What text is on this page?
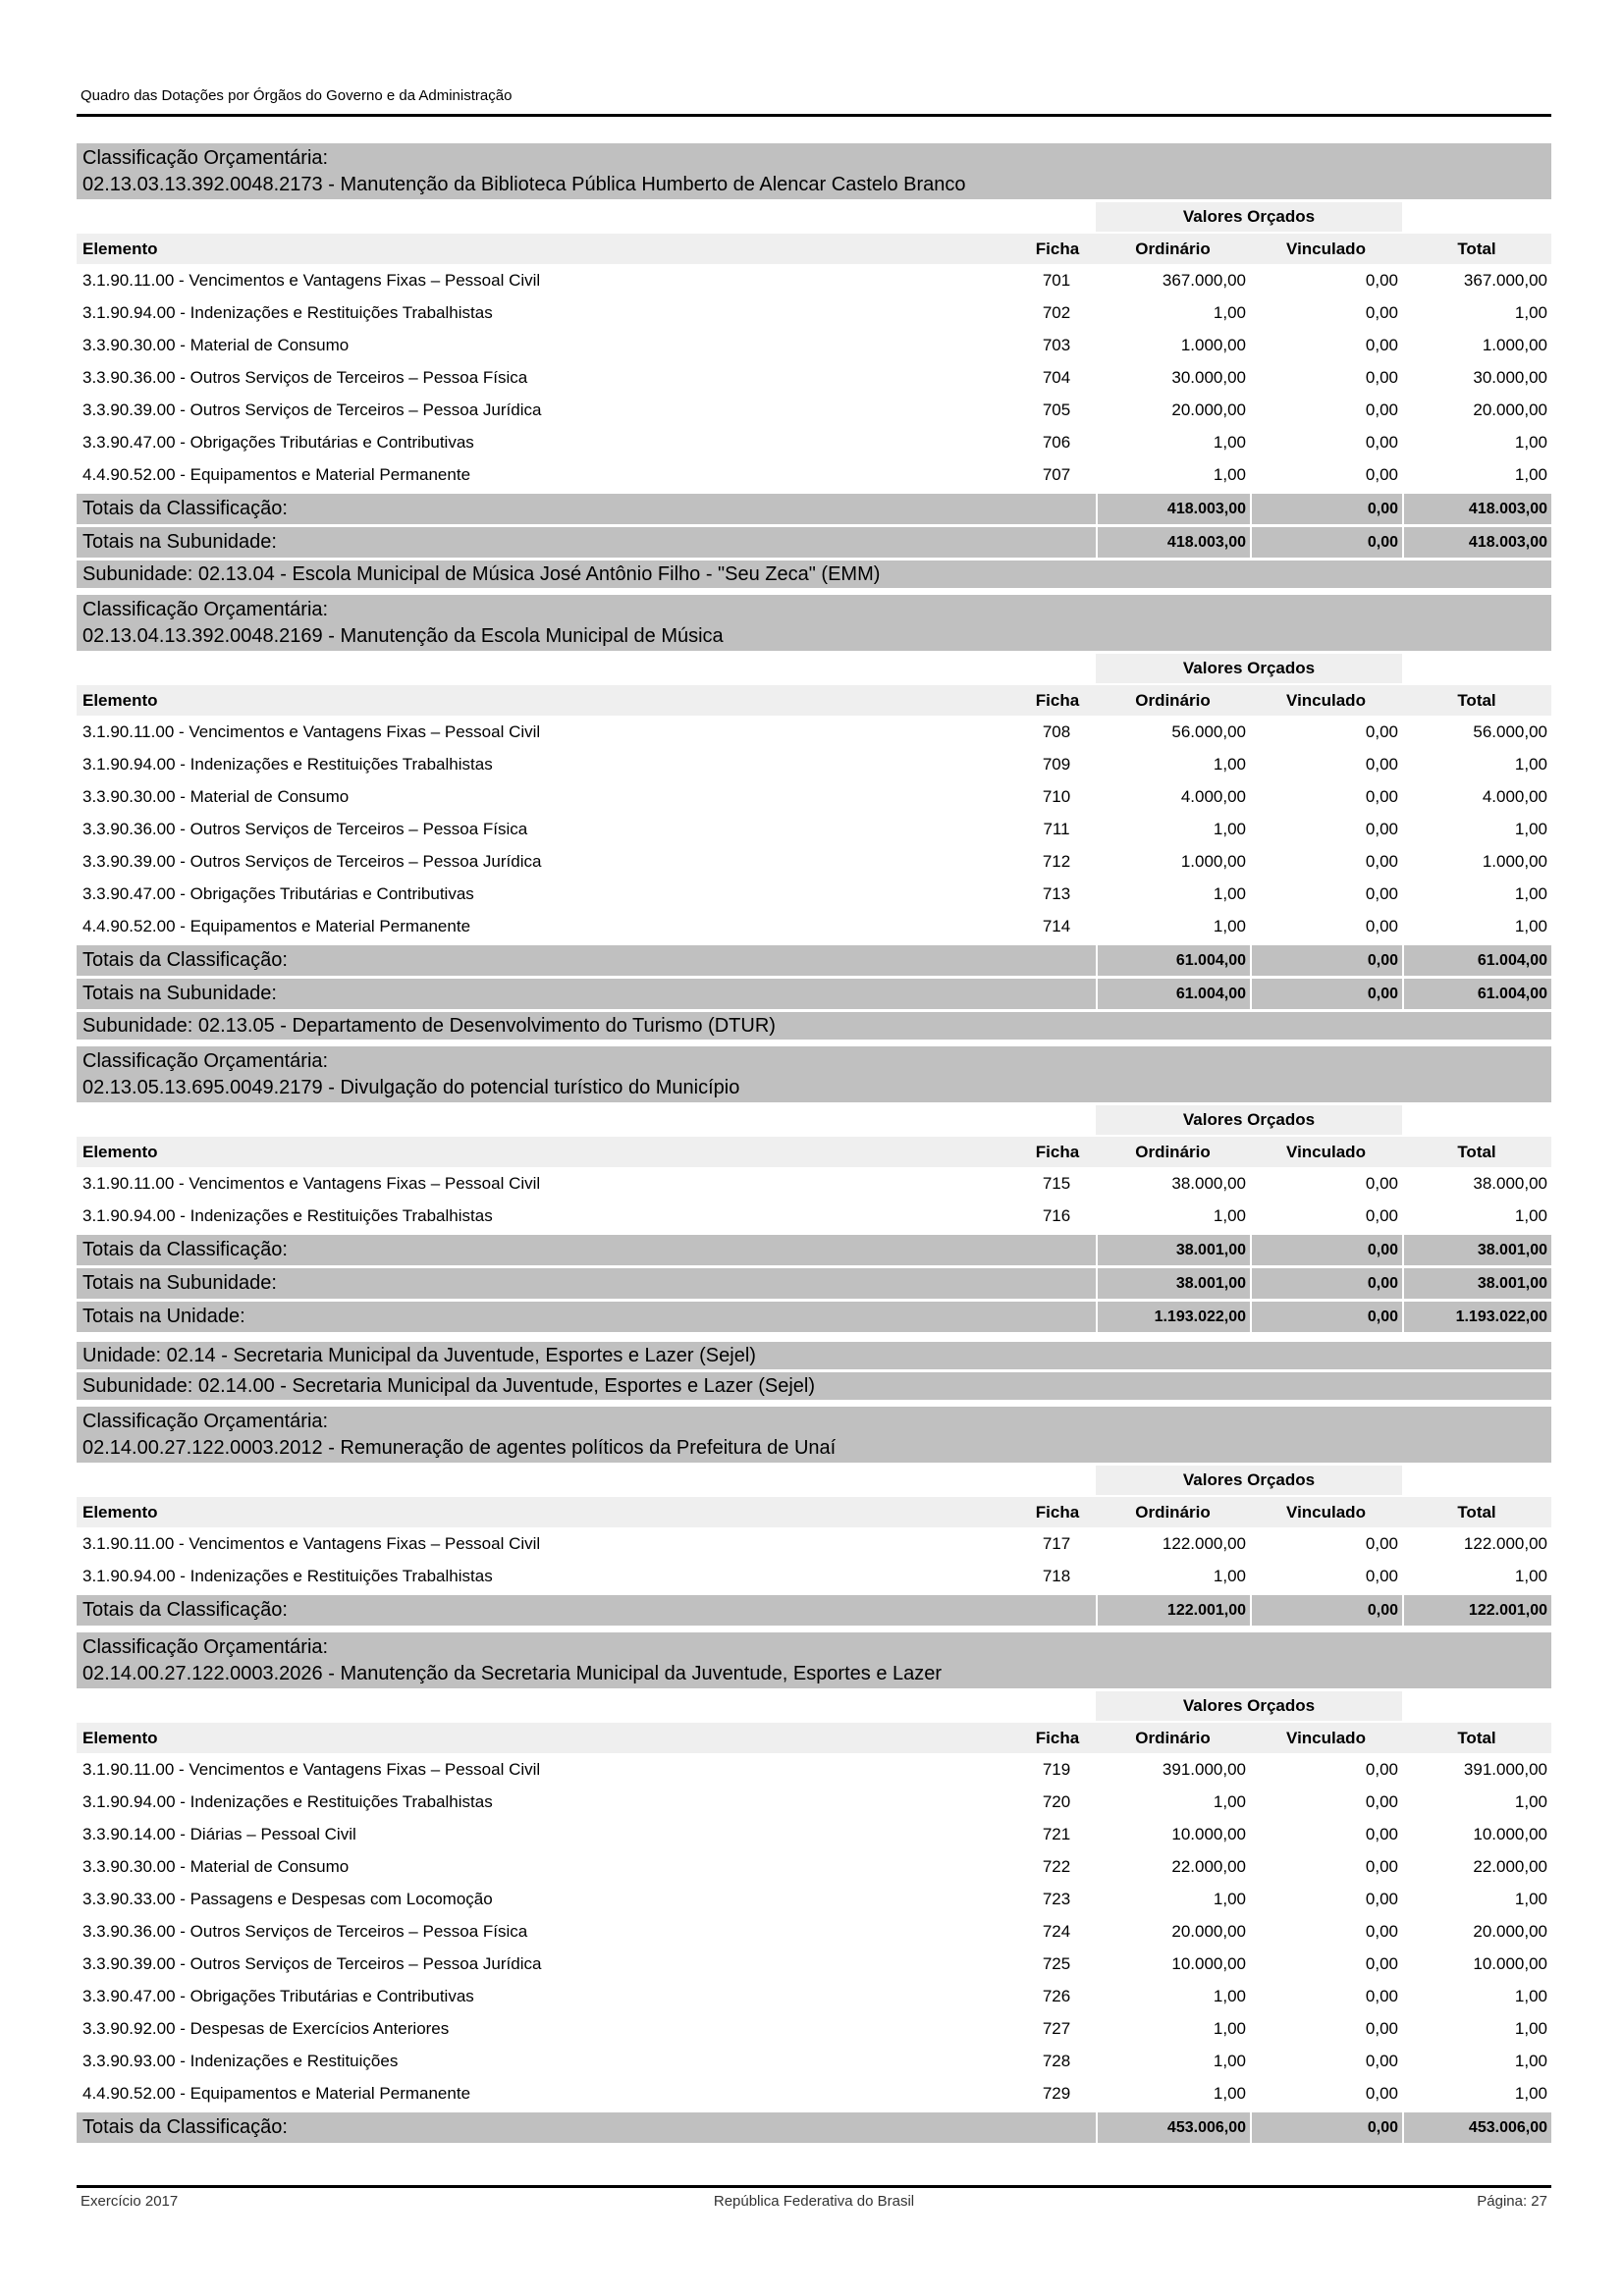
Quadro das Dotações por Órgãos do Governo e da Administração
Classificação Orçamentária:
02.13.03.13.392.0048.2173 - Manutenção da Biblioteca Pública Humberto de Alencar Castelo Branco
Valores Orçados
Elemento	Ficha	Ordinário	Vinculado	Total
3.1.90.11.00 - Vencimentos e Vantagens Fixas – Pessoal Civil	701	367.000,00	0,00	367.000,00
3.1.90.94.00 - Indenizações e Restituições Trabalhistas	702	1,00	0,00	1,00
3.3.90.30.00 - Material de Consumo	703	1.000,00	0,00	1.000,00
3.3.90.36.00 - Outros Serviços de Terceiros – Pessoa Física	704	30.000,00	0,00	30.000,00
3.3.90.39.00 - Outros Serviços de Terceiros – Pessoa Jurídica	705	20.000,00	0,00	20.000,00
3.3.90.47.00 - Obrigações Tributárias e Contributivas	706	1,00	0,00	1,00
4.4.90.52.00 - Equipamentos e Material Permanente	707	1,00	0,00	1,00
Totais da Classificação:	418.003,00	0,00	418.003,00
Totais na Subunidade:	418.003,00	0,00	418.003,00
Subunidade: 02.13.04 - Escola Municipal de Música José Antônio Filho - "Seu Zeca" (EMM)
Classificação Orçamentária:
02.13.04.13.392.0048.2169 - Manutenção da Escola Municipal de Música
Valores Orçados
Elemento	Ficha	Ordinário	Vinculado	Total
3.1.90.11.00 - Vencimentos e Vantagens Fixas – Pessoal Civil	708	56.000,00	0,00	56.000,00
3.1.90.94.00 - Indenizações e Restituições Trabalhistas	709	1,00	0,00	1,00
3.3.90.30.00 - Material de Consumo	710	4.000,00	0,00	4.000,00
3.3.90.36.00 - Outros Serviços de Terceiros – Pessoa Física	711	1,00	0,00	1,00
3.3.90.39.00 - Outros Serviços de Terceiros – Pessoa Jurídica	712	1.000,00	0,00	1.000,00
3.3.90.47.00 - Obrigações Tributárias e Contributivas	713	1,00	0,00	1,00
4.4.90.52.00 - Equipamentos e Material Permanente	714	1,00	0,00	1,00
Totais da Classificação:	61.004,00	0,00	61.004,00
Totais na Subunidade:	61.004,00	0,00	61.004,00
Subunidade: 02.13.05 - Departamento de Desenvolvimento do Turismo (DTUR)
Classificação Orçamentária:
02.13.05.13.695.0049.2179 - Divulgação do potencial turístico do Município
Valores Orçados
Elemento	Ficha	Ordinário	Vinculado	Total
3.1.90.11.00 - Vencimentos e Vantagens Fixas – Pessoal Civil	715	38.000,00	0,00	38.000,00
3.1.90.94.00 - Indenizações e Restituições Trabalhistas	716	1,00	0,00	1,00
Totais da Classificação:	38.001,00	0,00	38.001,00
Totais na Subunidade:	38.001,00	0,00	38.001,00
Totais na Unidade:	1.193.022,00	0,00	1.193.022,00
Unidade: 02.14 - Secretaria Municipal da Juventude, Esportes e Lazer (Sejel)
Subunidade: 02.14.00 - Secretaria Municipal da Juventude, Esportes e Lazer (Sejel)
Classificação Orçamentária:
02.14.00.27.122.0003.2012 - Remuneração de agentes políticos da Prefeitura de Unaí
Valores Orçados
Elemento	Ficha	Ordinário	Vinculado	Total
3.1.90.11.00 - Vencimentos e Vantagens Fixas – Pessoal Civil	717	122.000,00	0,00	122.000,00
3.1.90.94.00 - Indenizações e Restituições Trabalhistas	718	1,00	0,00	1,00
Totais da Classificação:	122.001,00	0,00	122.001,00
Classificação Orçamentária:
02.14.00.27.122.0003.2026 - Manutenção da Secretaria Municipal da Juventude, Esportes e Lazer
Valores Orçados
Elemento	Ficha	Ordinário	Vinculado	Total
3.1.90.11.00 - Vencimentos e Vantagens Fixas – Pessoal Civil	719	391.000,00	0,00	391.000,00
3.1.90.94.00 - Indenizações e Restituições Trabalhistas	720	1,00	0,00	1,00
3.3.90.14.00 - Diárias – Pessoal Civil	721	10.000,00	0,00	10.000,00
3.3.90.30.00 - Material de Consumo	722	22.000,00	0,00	22.000,00
3.3.90.33.00 - Passagens e Despesas com Locomoção	723	1,00	0,00	1,00
3.3.90.36.00 - Outros Serviços de Terceiros – Pessoa Física	724	20.000,00	0,00	20.000,00
3.3.90.39.00 - Outros Serviços de Terceiros – Pessoa Jurídica	725	10.000,00	0,00	10.000,00
3.3.90.47.00 - Obrigações Tributárias e Contributivas	726	1,00	0,00	1,00
3.3.90.92.00 - Despesas de Exercícios Anteriores	727	1,00	0,00	1,00
3.3.90.93.00 - Indenizações e Restituições	728	1,00	0,00	1,00
4.4.90.52.00 - Equipamentos e Material Permanente	729	1,00	0,00	1,00
Totais da Classificação:	453.006,00	0,00	453.006,00
Exercício 2017	República Federativa do Brasil	Página: 27
